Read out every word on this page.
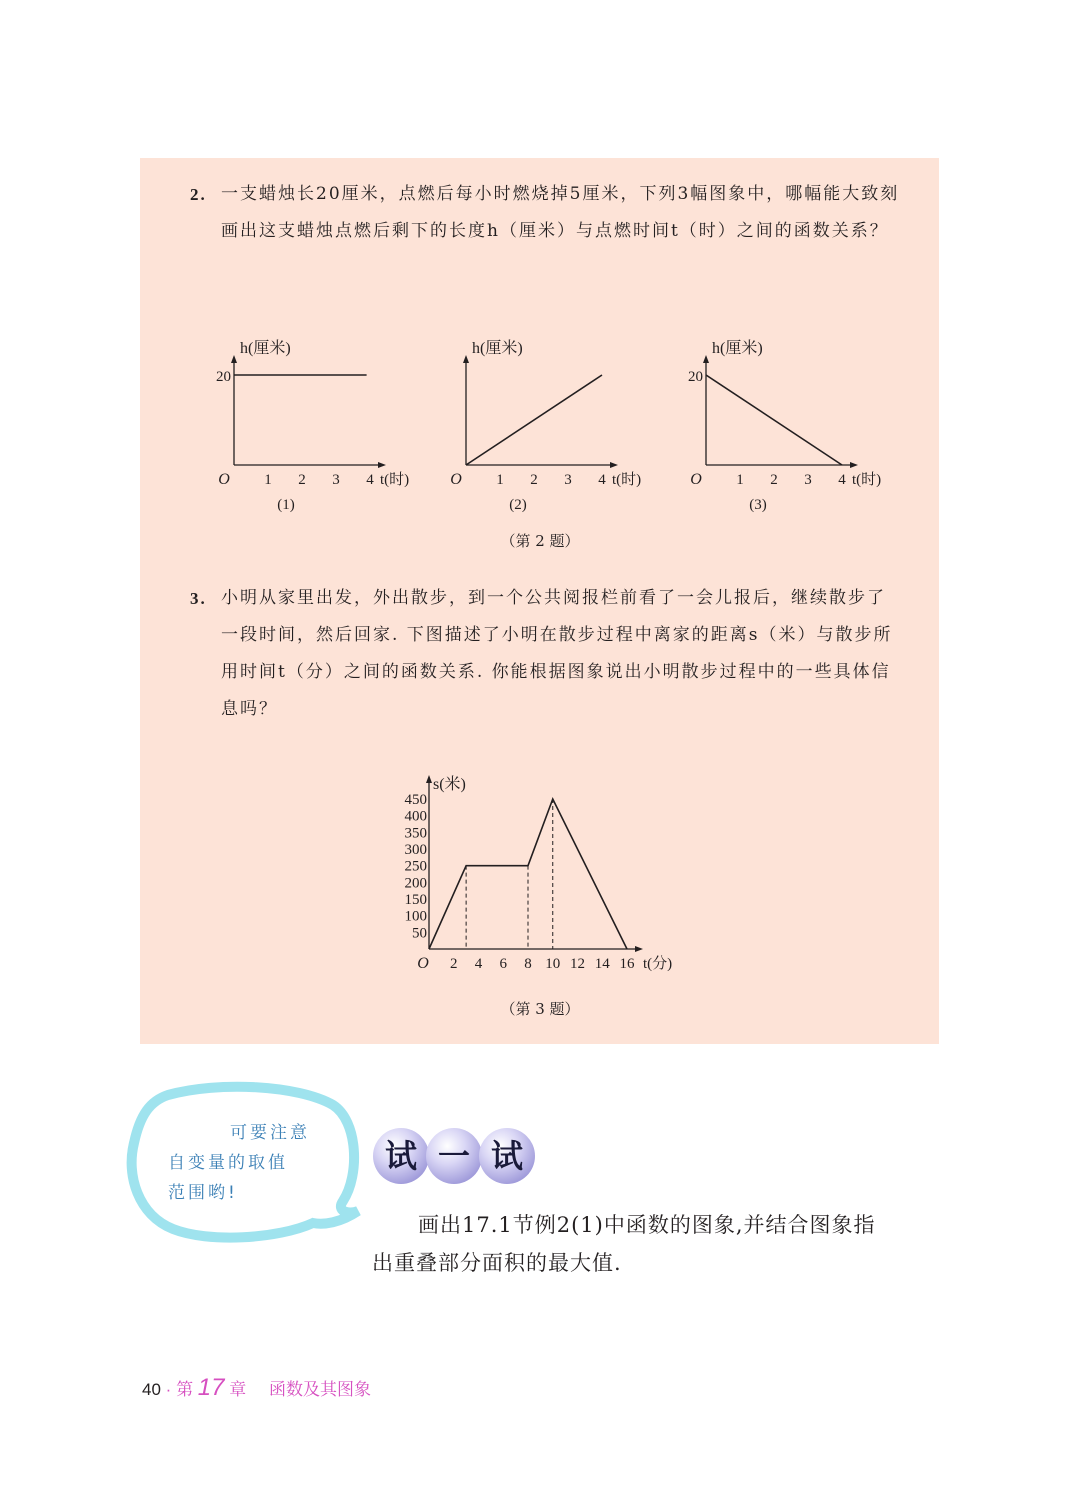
2. 一支蜡烛长20厘米，点燃后每小时燃烧掉5厘米，下列3幅图象中，哪幅能大致刻画出这支蜡烛点燃后剩下的长度h（厘米）与点燃时间t（时）之间的函数关系？
h(厘米)
O 1 2 3 4 t(时)
20
(1)
h(厘米)
O 1 2 3 4 t(时)
(2)
h(厘米)
O 1 2 3 4 t(时)
20
(3)
（第 2 题）
3. 小明从家里出发，外出散步，到一个公共阅报栏前看了一会儿报后，继续散步了一段时间，然后回家. 下图描述了小明在散步过程中离家的距离s（米）与散步所用时间t（分）之间的函数关系. 你能根据图象说出小明散步过程中的一些具体信息吗？
s(米)
O 2 4 6 8 10 12 14 16 t(分)
50
100
150
200
250
300
350
400
450
（第 3 题）
可要注意
自变量的取值
范围哟!
试 一 试
画出17.1节例2(1)中函数的图象,并结合图象指
出重叠部分面积的最大值.
40 · 第 17 章 函数及其图象
